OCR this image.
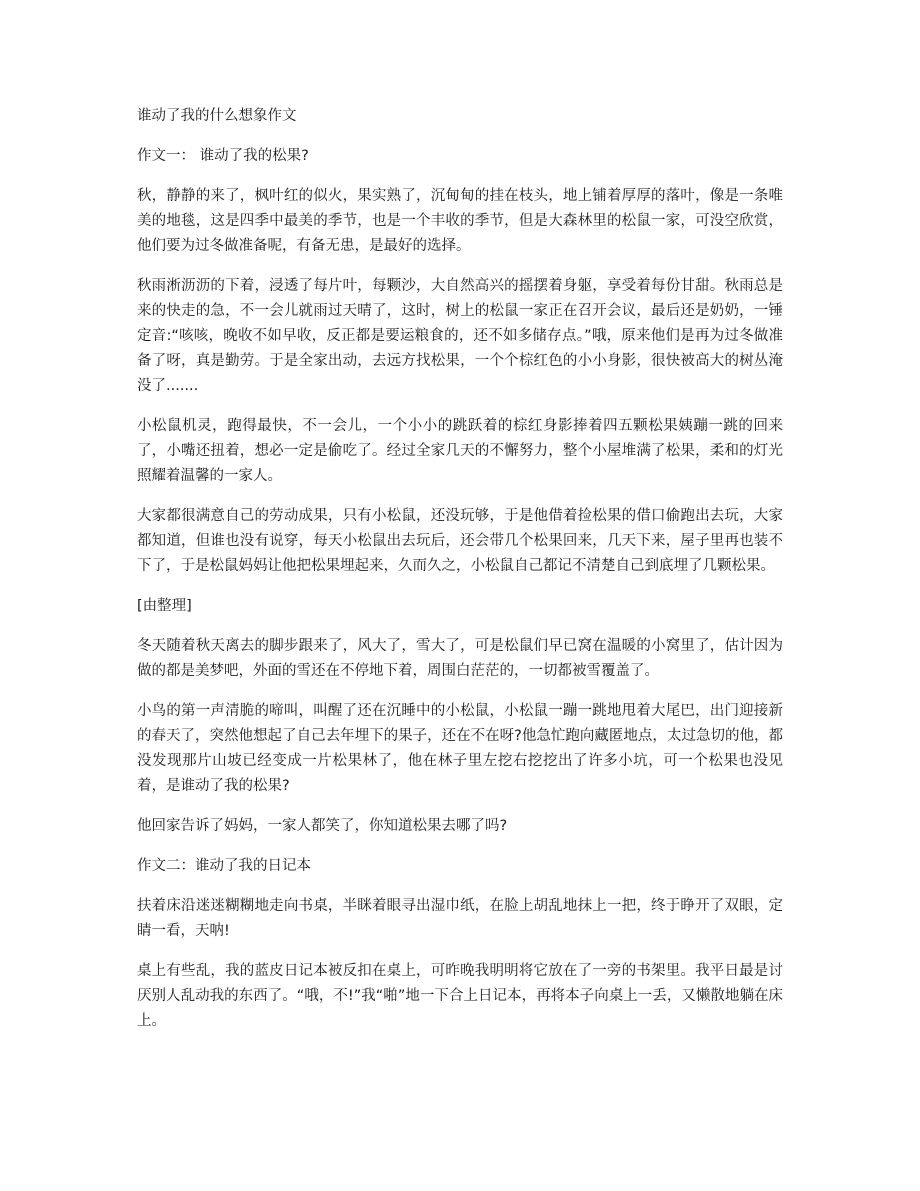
谁动了我的什么想象作文

作文一： 谁动了我的松果?

秋，静静的来了，枫叶红的似火，果实熟了，沉甸甸的挂在枝头，地上铺着厚厚的落叶，像是一条唯美的地毯，这是四季中最美的季节，也是一个丰收的季节，但是大森林里的松鼠一家，可没空欣赏，他们要为过冬做准备呢，有备无患，是最好的选择。

秋雨淅沥沥的下着，浸透了每片叶，每颗沙，大自然高兴的摇摆着身躯，享受着每份甘甜。秋雨总是来的快走的急，不一会儿就雨过天晴了，这时，树上的松鼠一家正在召开会议，最后还是奶奶，一锤定音:“咳咳，晚收不如早收，反正都是要运粮食的，还不如多储存点。”哦，原来他们是再为过冬做准备了呀，真是勤劳。于是全家出动，去远方找松果，一个个棕红色的小小身影，很快被高大的树丛淹没了.......

小松鼠机灵，跑得最快，不一会儿，一个小小的跳跃着的棕红身影捧着四五颗松果姨蹦一跳的回来了，小嘴还扭着，想必一定是偷吃了。经过全家几天的不懈努力，整个小屋堆满了松果，柔和的灯光照耀着温馨的一家人。

大家都很满意自己的劳动成果，只有小松鼠，还没玩够，于是他借着捡松果的借口偷跑出去玩，大家都知道，但谁也没有说穿，每天小松鼠出去玩后，还会带几个松果回来，几天下来，屋子里再也装不下了，于是松鼠妈妈让他把松果埋起来，久而久之，小松鼠自己都记不清楚自己到底埋了几颗松果。

[由整理]

冬天随着秋天离去的脚步跟来了，风大了，雪大了，可是松鼠们早已窝在温暖的小窝里了，估计因为做的都是美梦吧，外面的雪还在不停地下着，周围白茫茫的，一切都被雪覆盖了。

小鸟的第一声清脆的啼叫，叫醒了还在沉睡中的小松鼠，小松鼠一蹦一跳地甩着大尾巴，出门迎接新的春天了，突然他想起了自己去年埋下的果子，还在不在呀?他急忙跑向藏匿地点，太过急切的他，都没发现那片山坡已经变成一片松果林了，他在林子里左挖右挖挖出了许多小坑，可一个松果也没见着，是谁动了我的松果?

他回家告诉了妈妈，一家人都笑了，你知道松果去哪了吗?

作文二：谁动了我的日记本

扶着床沿迷迷糊糊地走向书桌，半眯着眼寻出湿巾纸，在脸上胡乱地抹上一把，终于睁开了双眼，定睛一看，天呐!

桌上有些乱，我的蓝皮日记本被反扣在桌上，可昨晚我明明将它放在了一旁的书架里。我平日最是讨厌别人乱动我的东西了。“哦，不!”我“啪”地一下合上日记本，再将本子向桌上一丢，又懒散地躺在床上。
